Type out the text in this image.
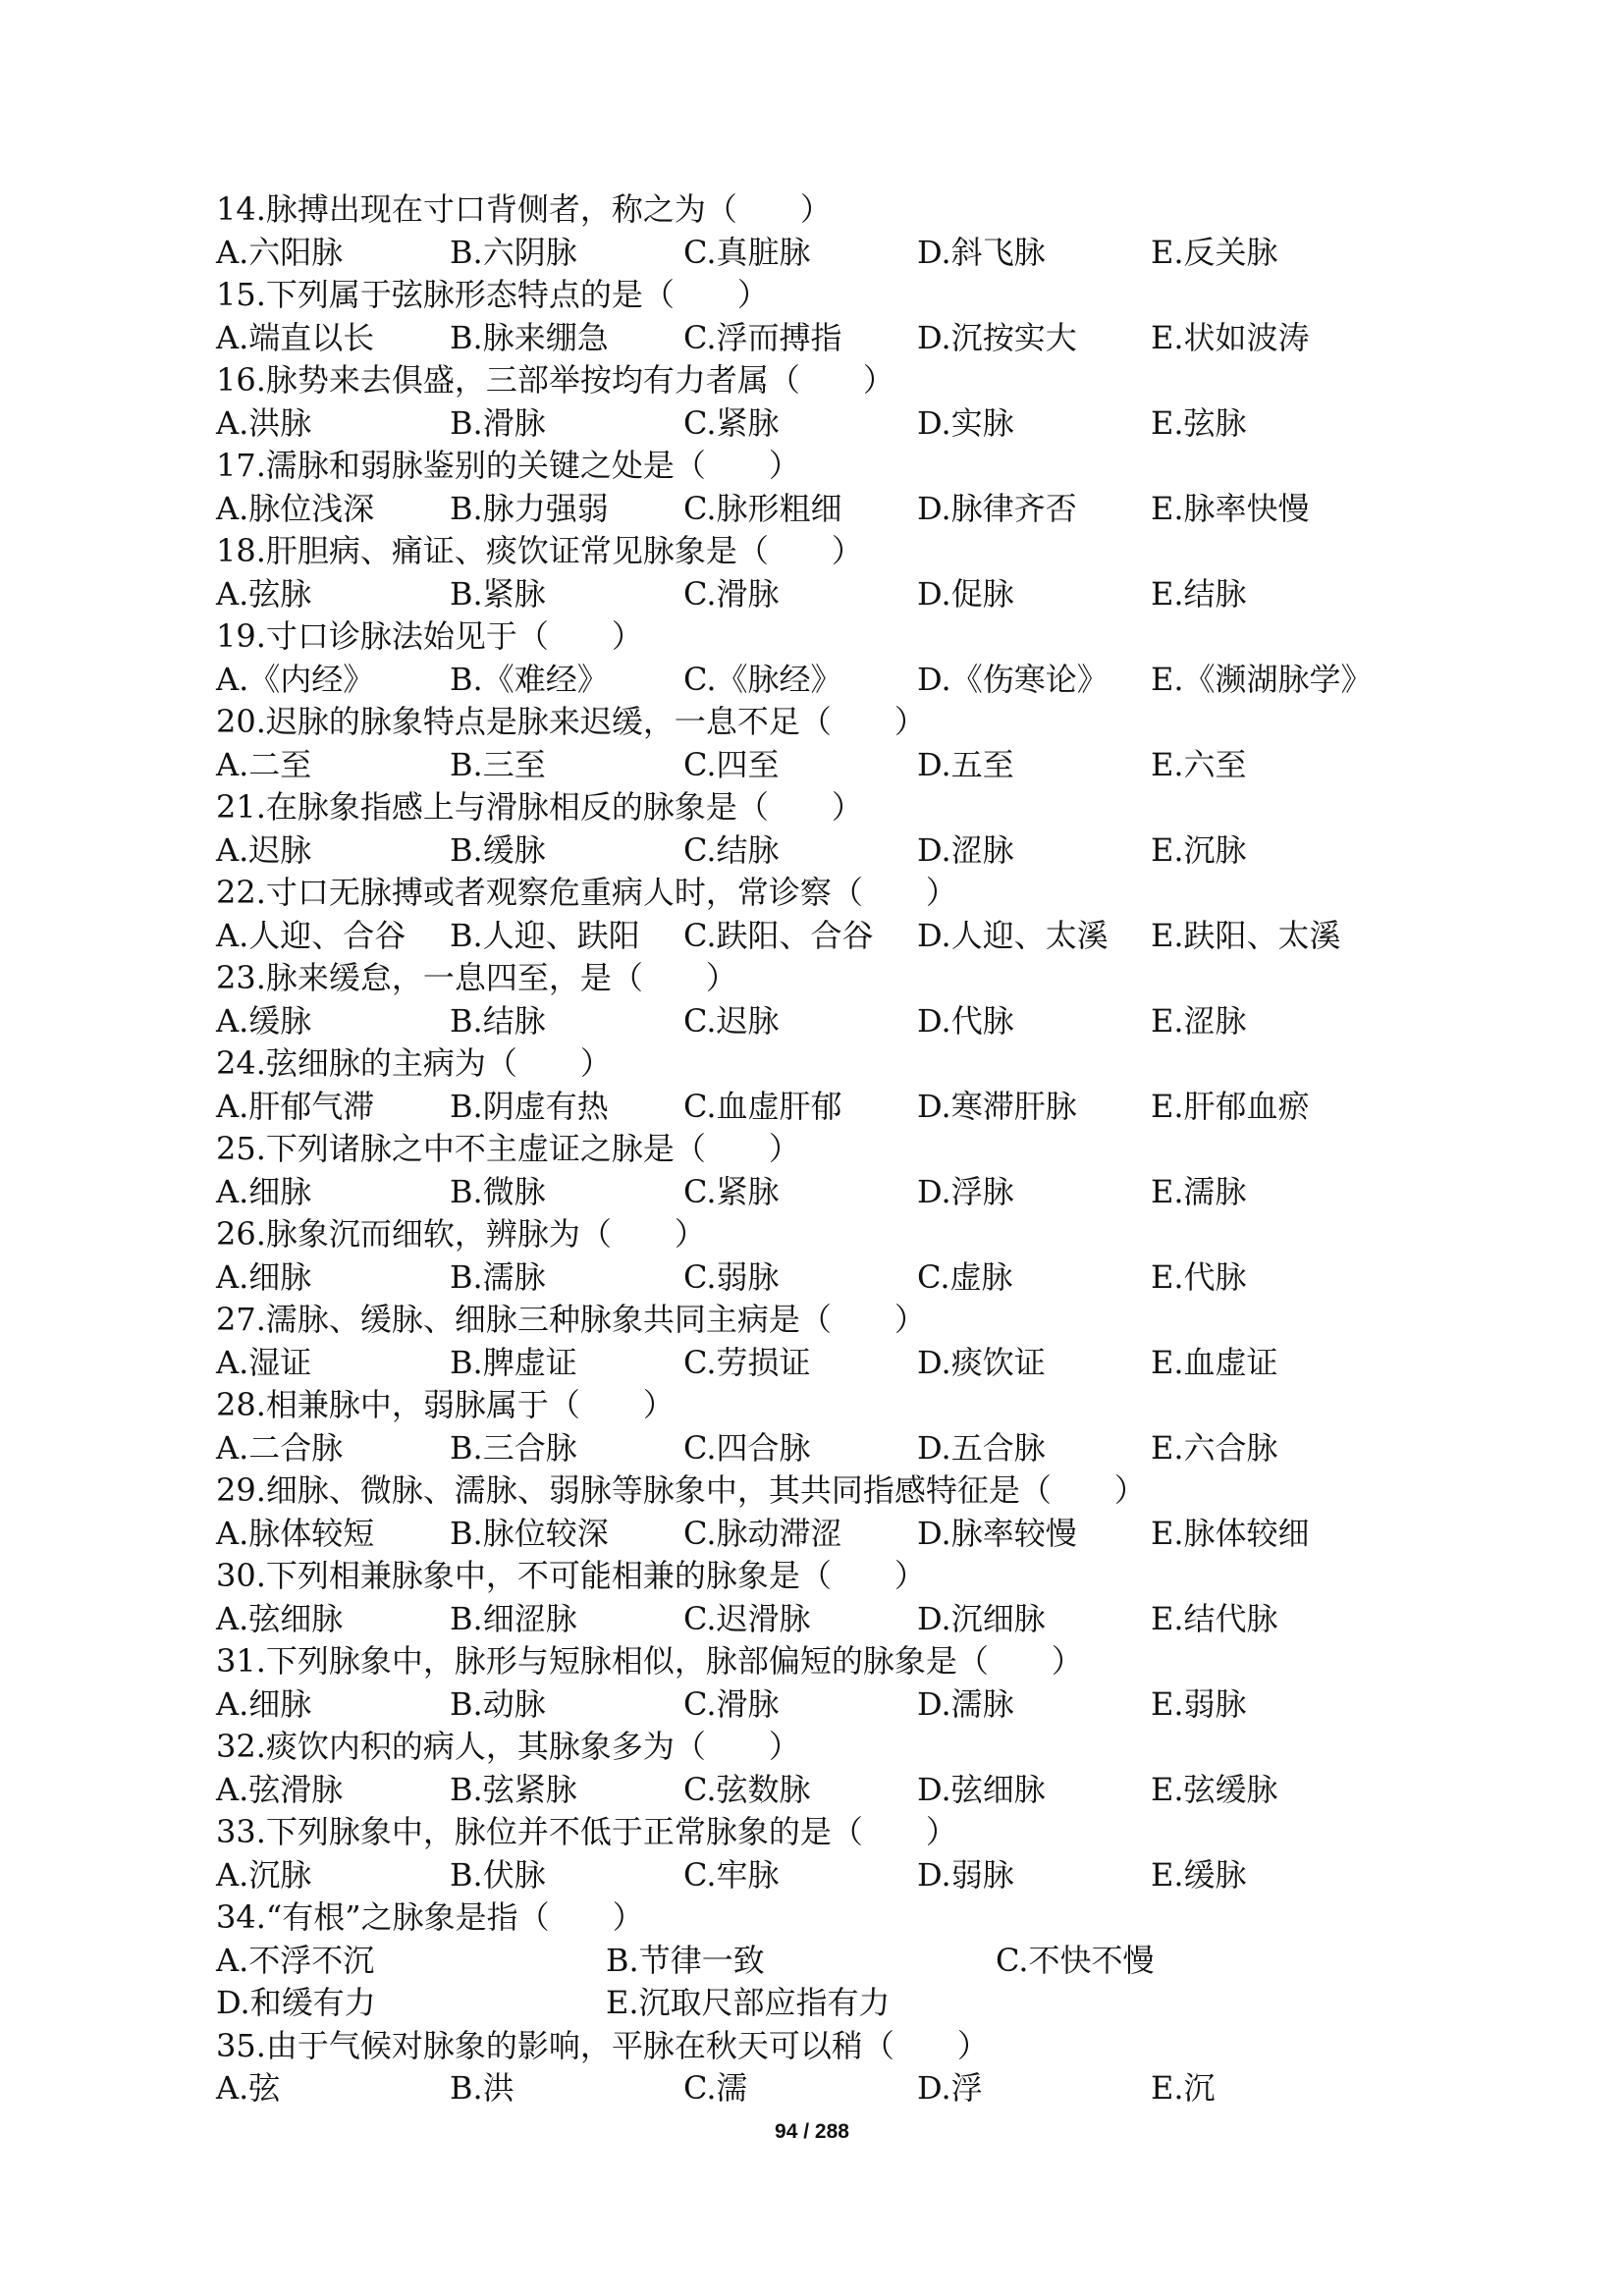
14.脉搏出现在寸口背侧者，称之为（　　）
A.六阳脉	B.六阴脉	C.真脏脉	D.斜飞脉	E.反关脉
15.下列属于弦脉形态特点的是（　　）
A.端直以长 B.脉来绷急 C.浮而搏指 D.沉按实大 E.状如波涛
16.脉势来去俱盛，三部举按均有力者属（　　）
A.洪脉	B.滑脉	C.紧脉	D.实脉	E.弦脉
17.濡脉和弱脉鉴别的关键之处是（　　）
A.脉位浅深 B.脉力强弱 C.脉形粗细 D.脉律齐否 E.脉率快慢
18.肝胆病、痛证、痰饮证常见脉象是（　　）
A.弦脉	B.紧脉	C.滑脉	D.促脉	E.结脉
19.寸口诊脉法始见于（　　）
A.《内经》 B.《难经》 C.《脉经》 D.《伤寒论》 E.《濒湖脉学》
20.迟脉的脉象特点是脉来迟缓，一息不足（　　）
A.二至	B.三至	C.四至	D.五至	E.六至
21.在脉象指感上与滑脉相反的脉象是（　　）
A.迟脉	B.缓脉	C.结脉	D.涩脉	E.沉脉
22.寸口无脉搏或者观察危重病人时，常诊察（　　）
A.人迎、合谷 B.人迎、趺阳 C.趺阳、合谷 D.人迎、太溪 E.趺阳、太溪
23.脉来缓怠，一息四至，是（　　）
A.缓脉	B.结脉	C.迟脉	D.代脉	E.涩脉
24.弦细脉的主病为（　　）
A.肝郁气滞 B.阴虚有热 C.血虚肝郁 D.寒滞肝脉 E.肝郁血瘀
25.下列诸脉之中不主虚证之脉是（　　）
A.细脉	B.微脉	C.紧脉	D.浮脉	E.濡脉
26.脉象沉而细软，辨脉为（　　）
A.细脉	B.濡脉	C.弱脉	C.虚脉	E.代脉
27.濡脉、缓脉、细脉三种脉象共同主病是（　　）
A.湿证	B.脾虚证	C.劳损证	D.痰饮证	E.血虚证
28.相兼脉中，弱脉属于（　　）
A.二合脉	B.三合脉	C.四合脉	D.五合脉	E.六合脉
29.细脉、微脉、濡脉、弱脉等脉象中，其共同指感特征是（　　）
A.脉体较短 B.脉位较深 C.脉动滞涩 D.脉率较慢 E.脉体较细
30.下列相兼脉象中，不可能相兼的脉象是（　　）
A.弦细脉	B.细涩脉	C.迟滑脉	D.沉细脉	E.结代脉
31.下列脉象中，脉形与短脉相似，脉部偏短的脉象是（　　）
A.细脉	B.动脉	C.滑脉	D.濡脉	E.弱脉
32.痰饮内积的病人，其脉象多为（　　）
A.弦滑脉	B.弦紧脉	C.弦数脉	D.弦细脉	E.弦缓脉
33.下列脉象中，脉位并不低于正常脉象的是（　　）
A.沉脉	B.伏脉	C.牢脉	D.弱脉	E.缓脉
34.“有根”之脉象是指（　　）
A.不浮不沉	B.节律一致	C.不快不慢
D.和缓有力	E.沉取尺部应指有力
35.由于气候对脉象的影响，平脉在秋天可以稍（　　）
A.弦	B.洪	C.濡	D.浮	E.沉
94 / 288
